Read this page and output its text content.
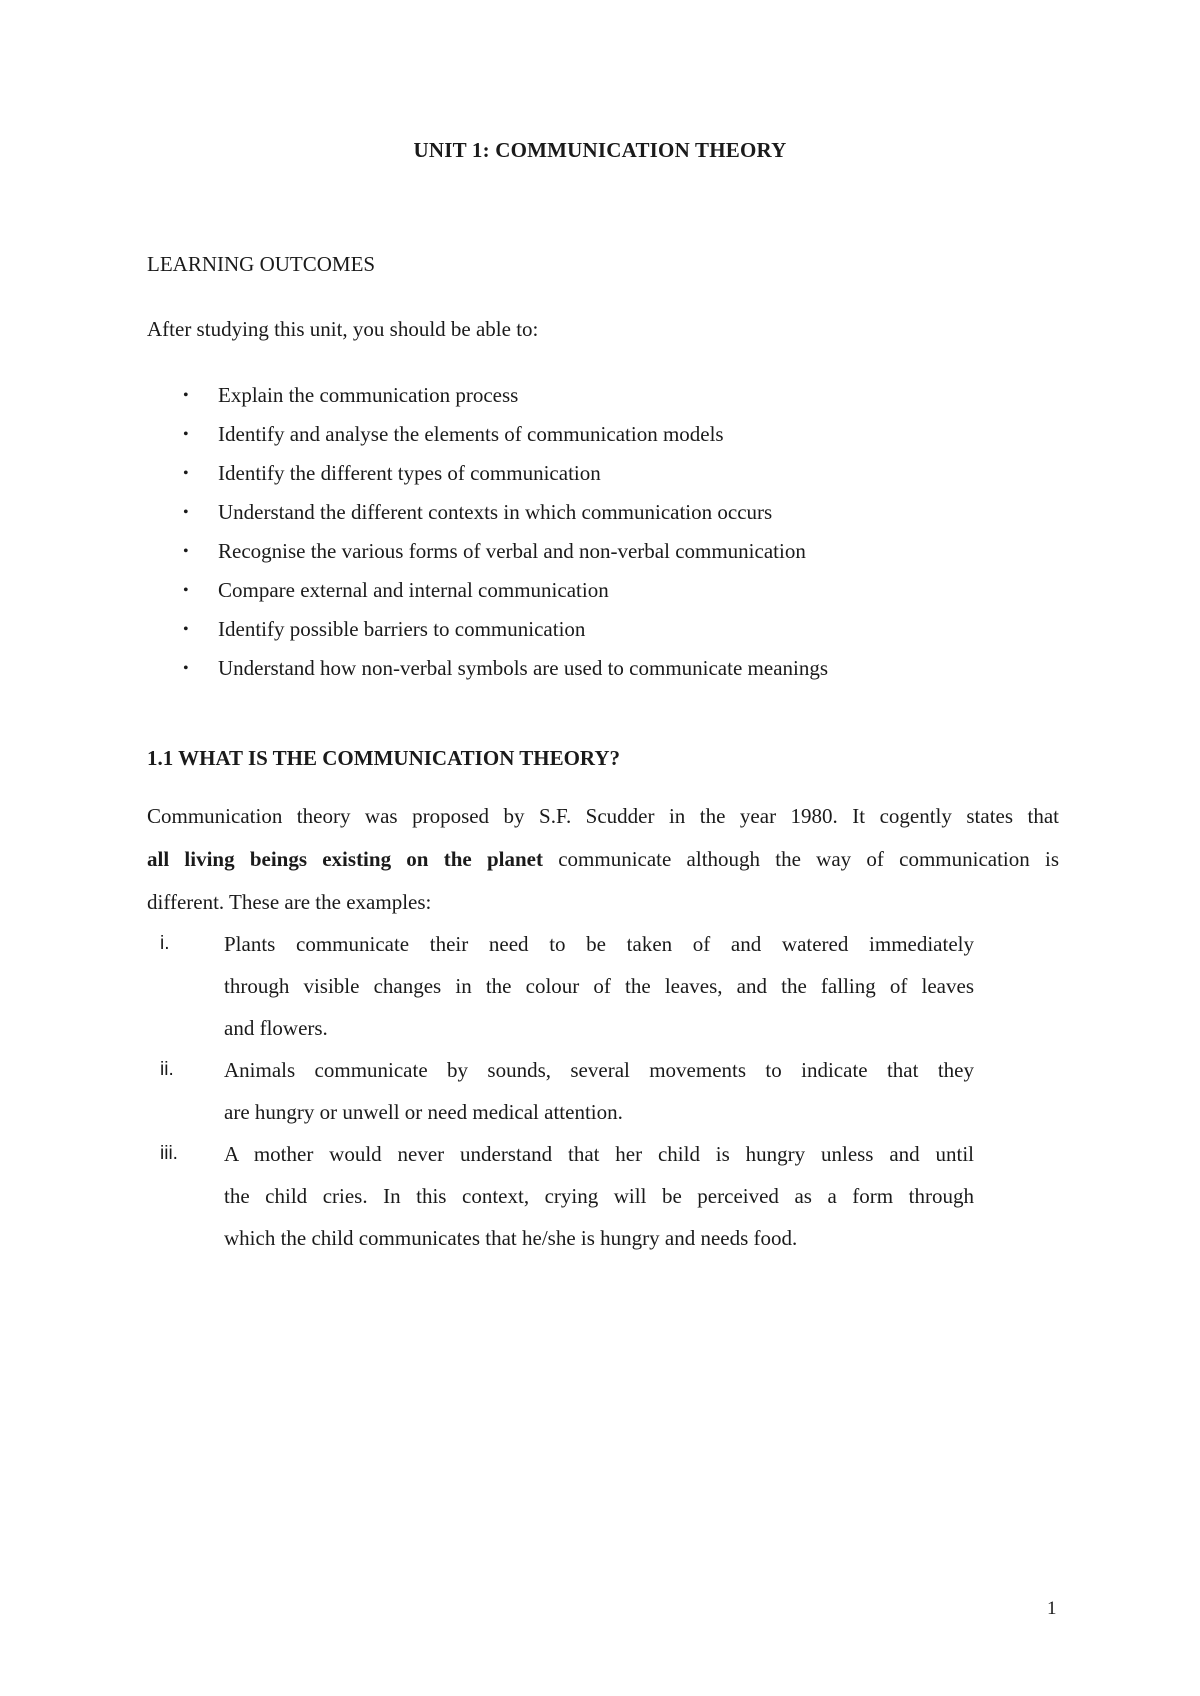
UNIT 1: COMMUNICATION THEORY
LEARNING OUTCOMES
After studying this unit, you should be able to:
• Explain the communication process
• Identify and analyse the elements of communication models
• Identify the different types of communication
• Understand the different contexts in which communication occurs
• Recognise the various forms of verbal and non-verbal communication
• Compare external and internal communication
• Identify possible barriers to communication
• Understand how non-verbal symbols are used to communicate meanings
1.1 WHAT IS THE COMMUNICATION THEORY?
Communication theory was proposed by S.F. Scudder in the year 1980. It cogently states that
all living beings existing on the planet communicate although the way of communication is
different. These are the examples:
i.	Plants communicate their need to be taken of and watered immediately
through visible changes in the colour of the leaves, and the falling of leaves
and flowers.
ii. Animals communicate by sounds, several movements to indicate that they
are hungry or unwell or need medical attention.
iii. A mother would never understand that her child is hungry unless and until
the child cries. In this context, crying will be perceived as a form through
which the child communicates that he/she is hungry and needs food.
1
